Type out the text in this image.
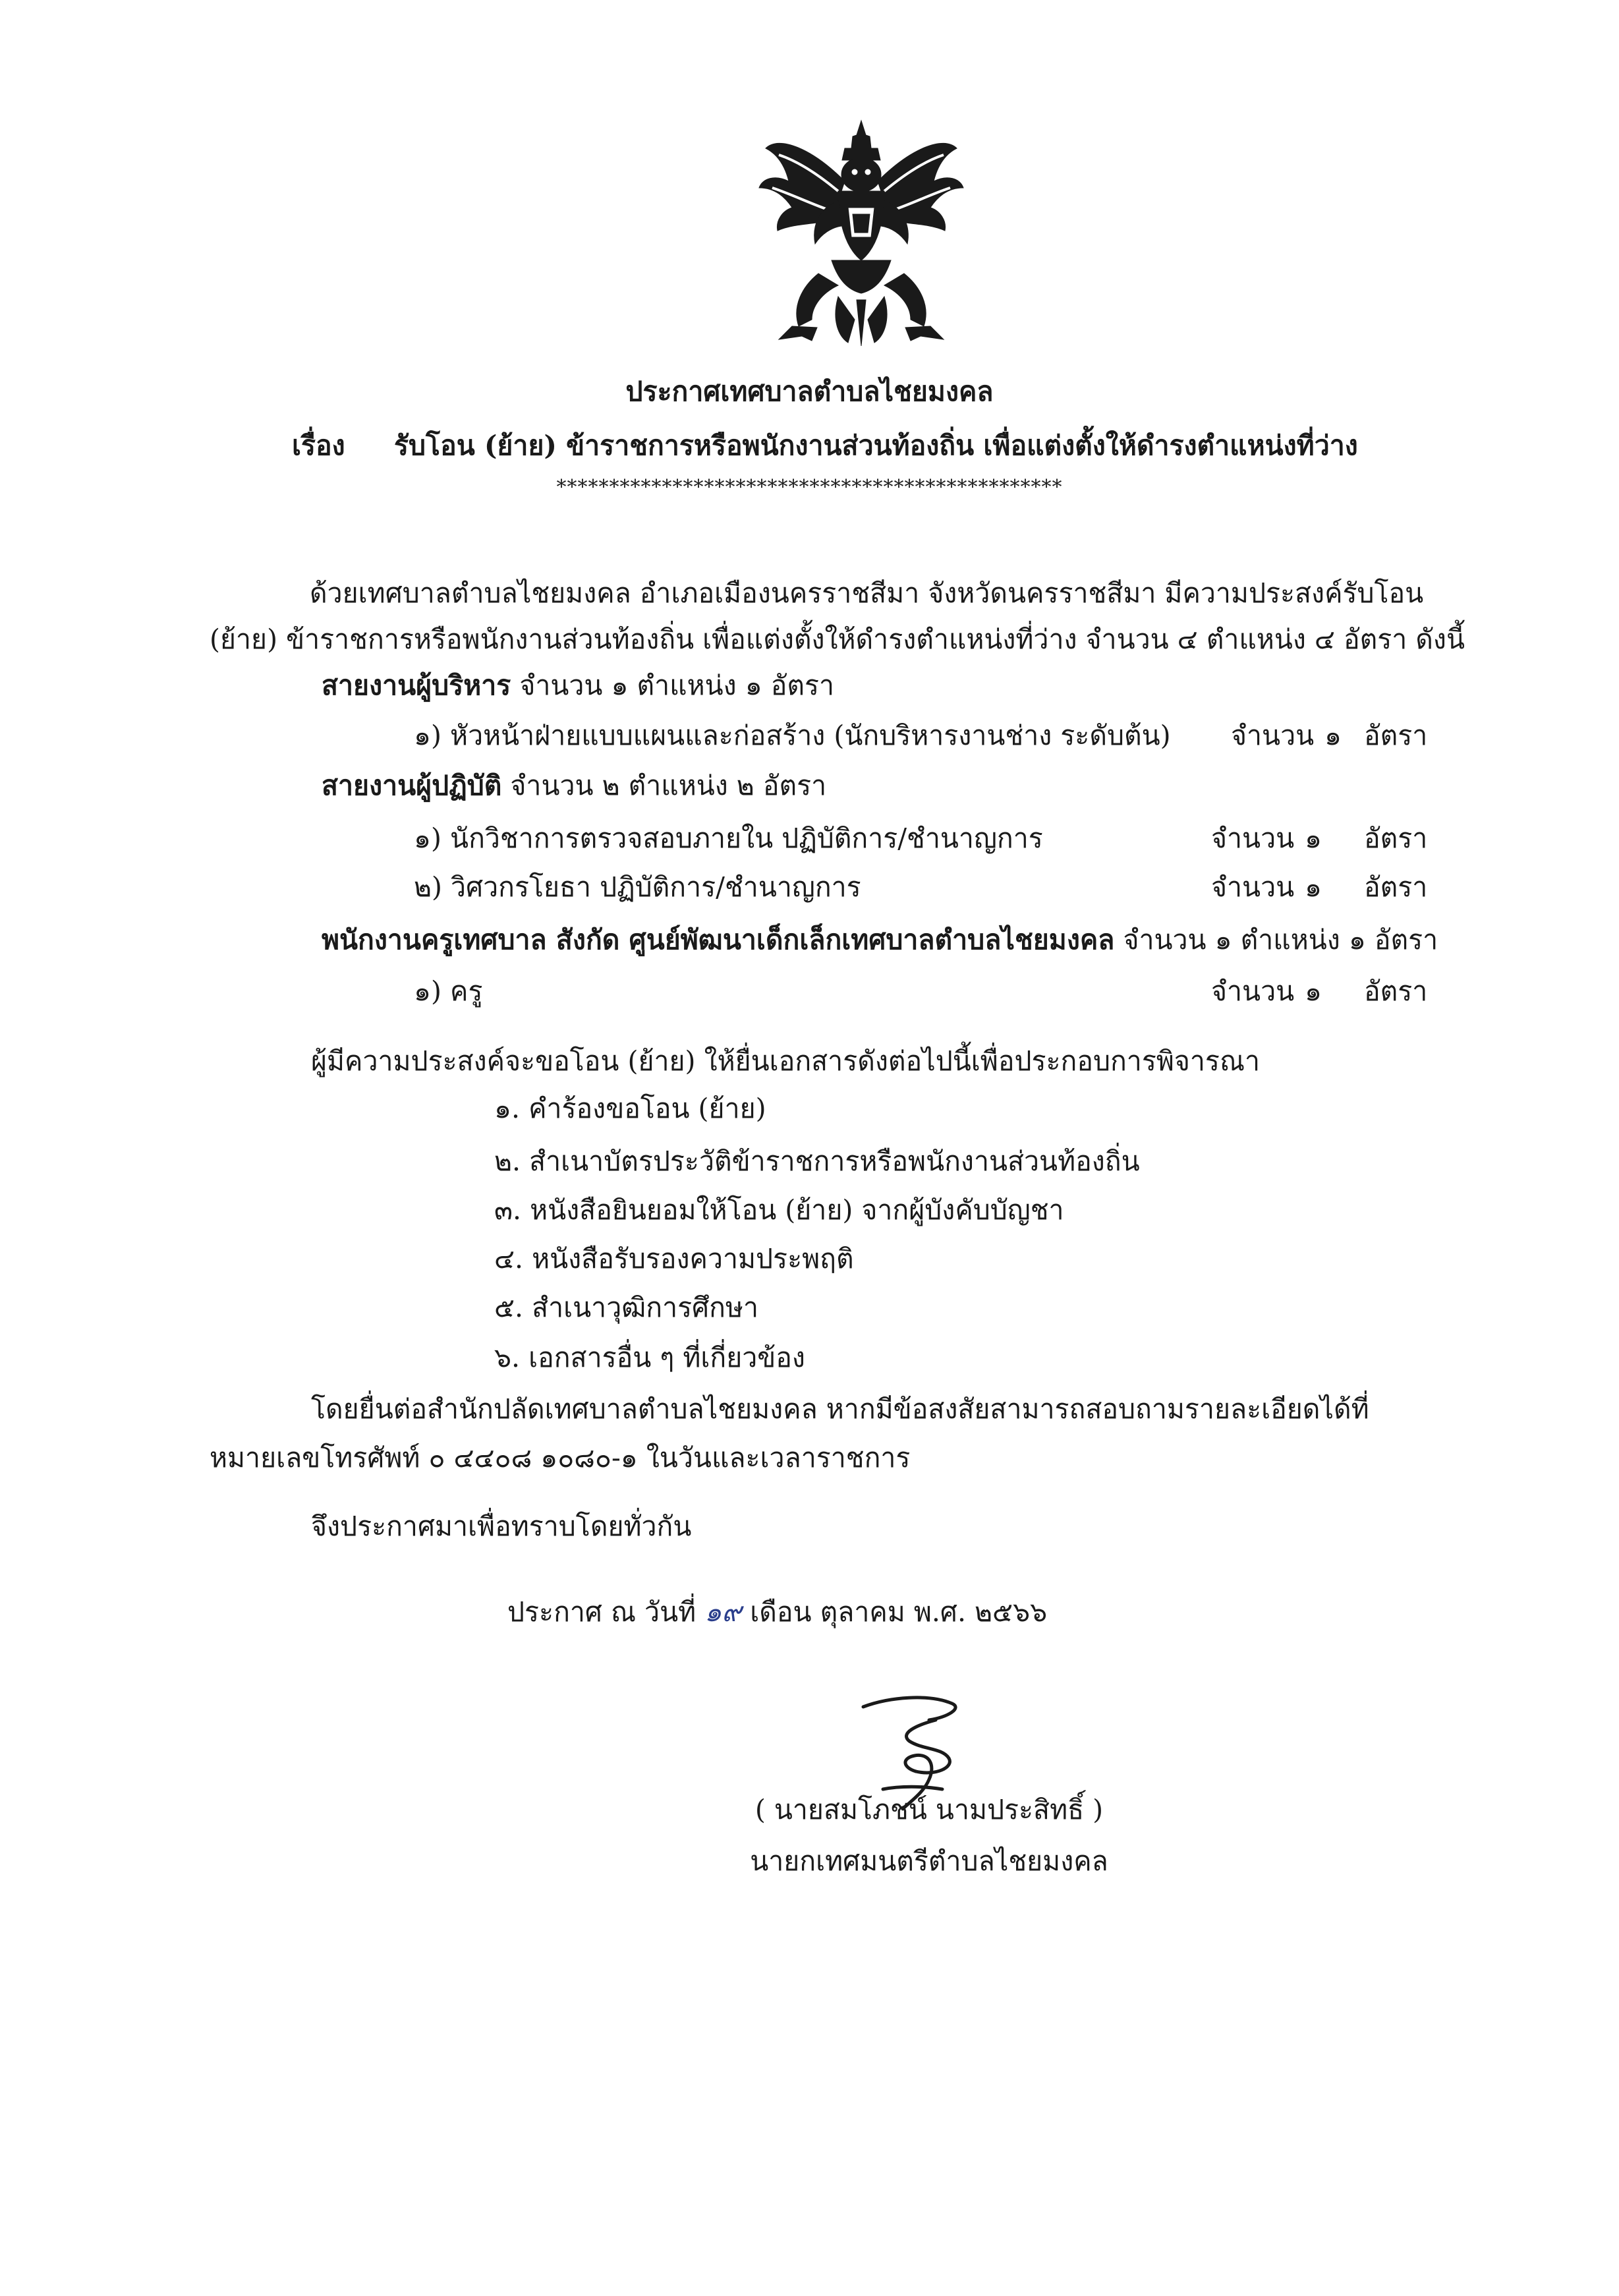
ประกาศเทศบาลตำบลไชยมงคล
เรื่อง รับโอน (ย้าย) ข้าราชการหรือพนักงานส่วนท้องถิ่น เพื่อแต่งตั้งให้ดำรงตำแหน่งที่ว่าง
************************************************
ด้วยเทศบาลตำบลไชยมงคล อำเภอเมืองนครราชสีมา จังหวัดนครราชสีมา มีความประสงค์รับโอน
(ย้าย) ข้าราชการหรือพนักงานส่วนท้องถิ่น เพื่อแต่งตั้งให้ดำรงตำแหน่งที่ว่าง จำนวน ๔ ตำแหน่ง ๔ อัตรา ดังนี้
สายงานผู้บริหาร จำนวน ๑ ตำแหน่ง ๑ อัตรา
๑) หัวหน้าฝ่ายแบบแผนและก่อสร้าง (นักบริหารงานช่าง ระดับต้น) จำนวน ๑ อัตรา
สายงานผู้ปฏิบัติ จำนวน ๒ ตำแหน่ง ๒ อัตรา
๑) นักวิชาการตรวจสอบภายใน ปฏิบัติการ/ชำนาญการ	จำนวน ๑ อัตรา
๒) วิศวกรโยธา ปฏิบัติการ/ชำนาญการ	จำนวน ๑ อัตรา
พนักงานครูเทศบาล สังกัด ศูนย์พัฒนาเด็กเล็กเทศบาลตำบลไชยมงคล จำนวน ๑ ตำแหน่ง ๑ อัตรา
๑) ครู	จำนวน ๑ อัตรา
ผู้มีความประสงค์จะขอโอน (ย้าย) ให้ยื่นเอกสารดังต่อไปนี้เพื่อประกอบการพิจารณา
๑. คำร้องขอโอน (ย้าย)
๒. สำเนาบัตรประวัติข้าราชการหรือพนักงานส่วนท้องถิ่น
๓. หนังสือยินยอมให้โอน (ย้าย) จากผู้บังคับบัญชา
๔. หนังสือรับรองความประพฤติ
๕. สำเนาวุฒิการศึกษา
๖. เอกสารอื่น ๆ ที่เกี่ยวข้อง
โดยยื่นต่อสำนักปลัดเทศบาลตำบลไชยมงคล หากมีข้อสงสัยสามารถสอบถามรายละเอียดได้ที่
หมายเลขโทรศัพท์ ๐ ๔๔๐๘ ๑๐๘๐-๑ ในวันและเวลาราชการ
จึงประกาศมาเพื่อทราบโดยทั่วกัน
ประกาศ ณ วันที่ ๑๙ เดือน ตุลาคม พ.ศ. ๒๕๖๖
( นายสมโภชน์ นามประสิทธิ์ )
นายกเทศมนตรีตำบลไชยมงคล
